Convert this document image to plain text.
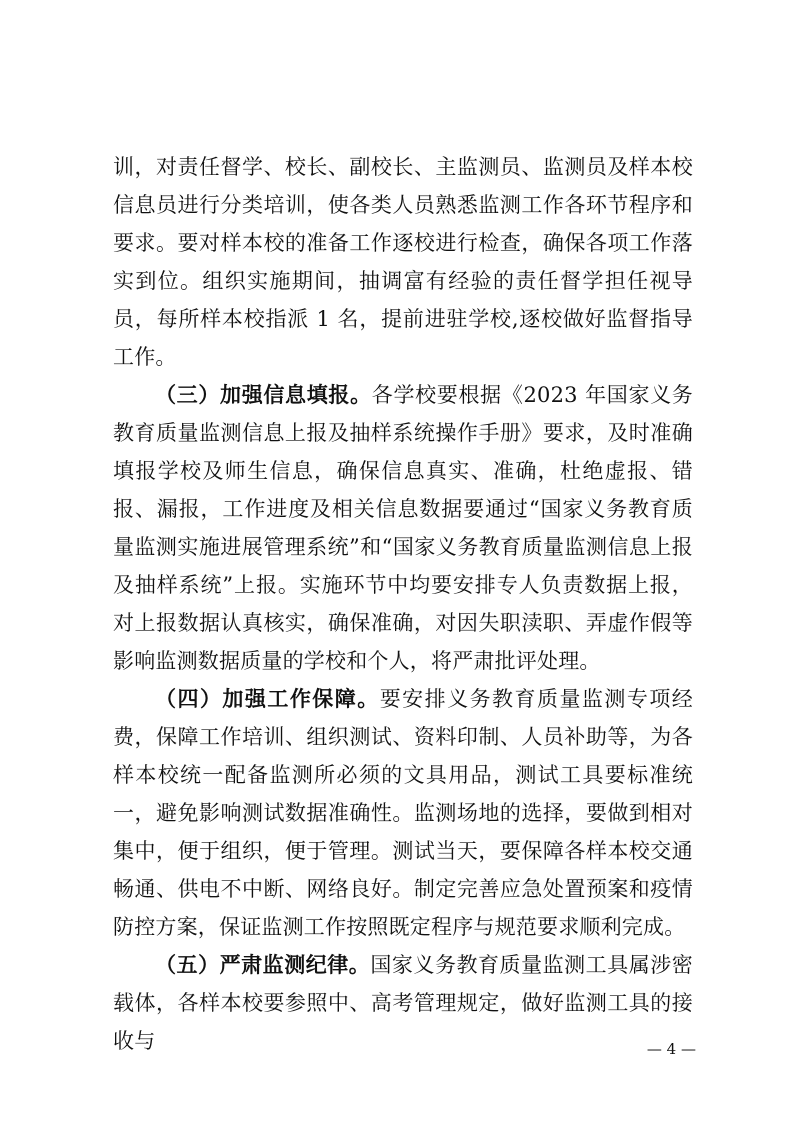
训，对责任督学、校长、副校长、主监测员、监测员及样本校信息员进行分类培训，使各类人员熟悉监测工作各环节程序和要求。要对样本校的准备工作逐校进行检查，确保各项工作落实到位。组织实施期间，抽调富有经验的责任督学担任视导员，每所样本校指派 1 名，提前进驻学校,逐校做好监督指导工作。

（三）加强信息填报。各学校要根据《2023 年国家义务教育质量监测信息上报及抽样系统操作手册》要求，及时准确填报学校及师生信息，确保信息真实、准确，杜绝虚报、错报、漏报，工作进度及相关信息数据要通过“国家义务教育质量监测实施进展管理系统”和“国家义务教育质量监测信息上报及抽样系统”上报。实施环节中均要安排专人负责数据上报，对上报数据认真核实，确保准确，对因失职渎职、弄虚作假等影响监测数据质量的学校和个人，将严肃批评处理。

（四）加强工作保障。要安排义务教育质量监测专项经费，保障工作培训、组织测试、资料印制、人员补助等，为各样本校统一配备监测所必须的文具用品，测试工具要标准统一，避免影响测试数据准确性。监测场地的选择，要做到相对集中，便于组织，便于管理。测试当天，要保障各样本校交通畅通、供电不中断、网络良好。制定完善应急处置预案和疫情防控方案，保证监测工作按照既定程序与规范要求顺利完成。

（五）严肃监测纪律。国家义务教育质量监测工具属涉密载体，各样本校要参照中、高考管理规定，做好监测工具的接收与	— 4 —
